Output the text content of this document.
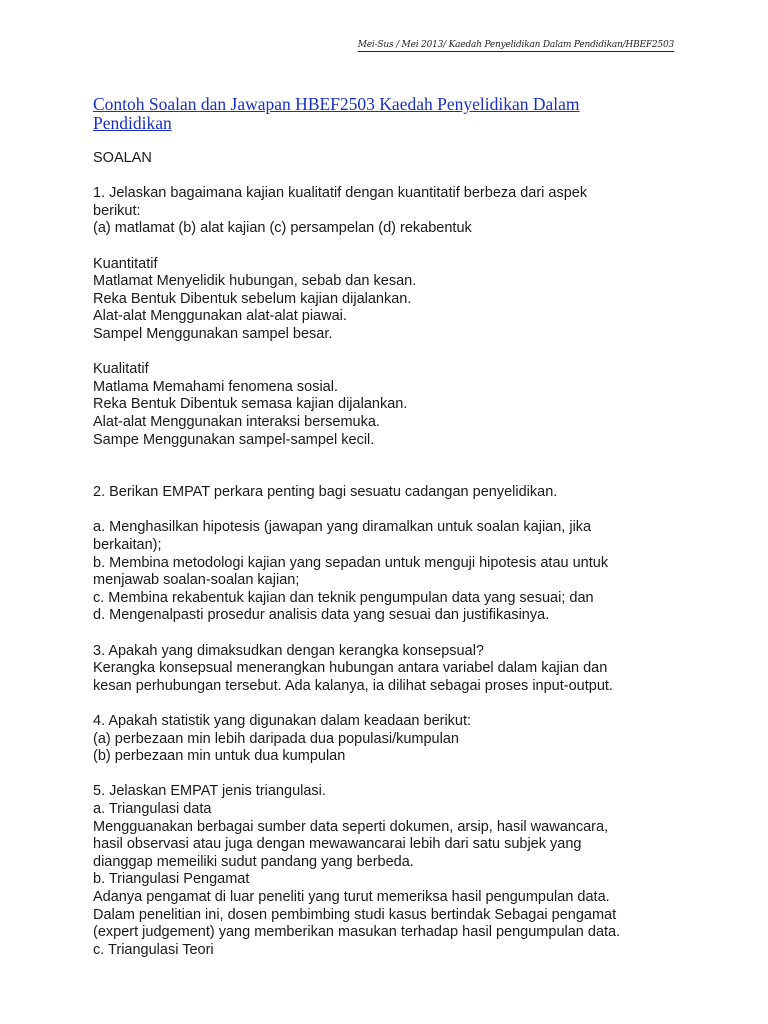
Mei-Sus / Mei 2013/ Kaedah Penyelidikan Dalam Pendidikan/HBEF2503
Contoh Soalan dan Jawapan HBEF2503 Kaedah Penyelidikan Dalam
Pendidikan

SOALAN

1. Jelaskan bagaimana kajian kualitatif dengan kuantitatif berbeza dari aspek

berikut:

(a) matlamat (b) alat kajian (c) persampelan (d) rekabentuk

Kuantitatif

Matlamat Menyelidik hubungan, sebab dan kesan.

Reka Bentuk Dibentuk sebelum kajian dijalankan.

Alat-alat Menggunakan alat-alat piawai.

Sampel Menggunakan sampel besar.

Kualitatif

Matlama Memahami fenomena sosial.

Reka Bentuk Dibentuk semasa kajian dijalankan.

Alat-alat Menggunakan interaksi bersemuka.

Sampe Menggunakan sampel-sampel kecil.

2. Berikan EMPAT perkara penting bagi sesuatu cadangan penyelidikan.

a. Menghasilkan hipotesis (jawapan yang diramalkan untuk soalan kajian, jika

berkaitan);

b. Membina metodologi kajian yang sepadan untuk menguji hipotesis atau untuk

menjawab soalan-soalan kajian;

c. Membina rekabentuk kajian dan teknik pengumpulan data yang sesuai; dan

d. Mengenalpasti prosedur analisis data yang sesuai dan justifikasinya.

3. Apakah yang dimaksudkan dengan kerangka konsepsual?

Kerangka konsepsual menerangkan hubungan antara variabel dalam kajian dan

kesan perhubungan tersebut. Ada kalanya, ia dilihat sebagai proses input-output.

4. Apakah statistik yang digunakan dalam keadaan berikut:

(a) perbezaan min lebih daripada dua populasi/kumpulan

(b) perbezaan min untuk dua kumpulan

5. Jelaskan EMPAT jenis triangulasi.

a. Triangulasi data

Mengguanakan berbagai sumber data seperti dokumen, arsip, hasil wawancara,

hasil observasi atau juga dengan mewawancarai lebih dari satu subjek yang

dianggap memeiliki sudut pandang yang berbeda.

b. Triangulasi Pengamat

Adanya pengamat di luar peneliti yang turut memeriksa hasil pengumpulan data.

Dalam penelitian ini, dosen pembimbing studi kasus bertindak Sebagai pengamat

(expert judgement) yang memberikan masukan terhadap hasil pengumpulan data.

c. Triangulasi Teori
